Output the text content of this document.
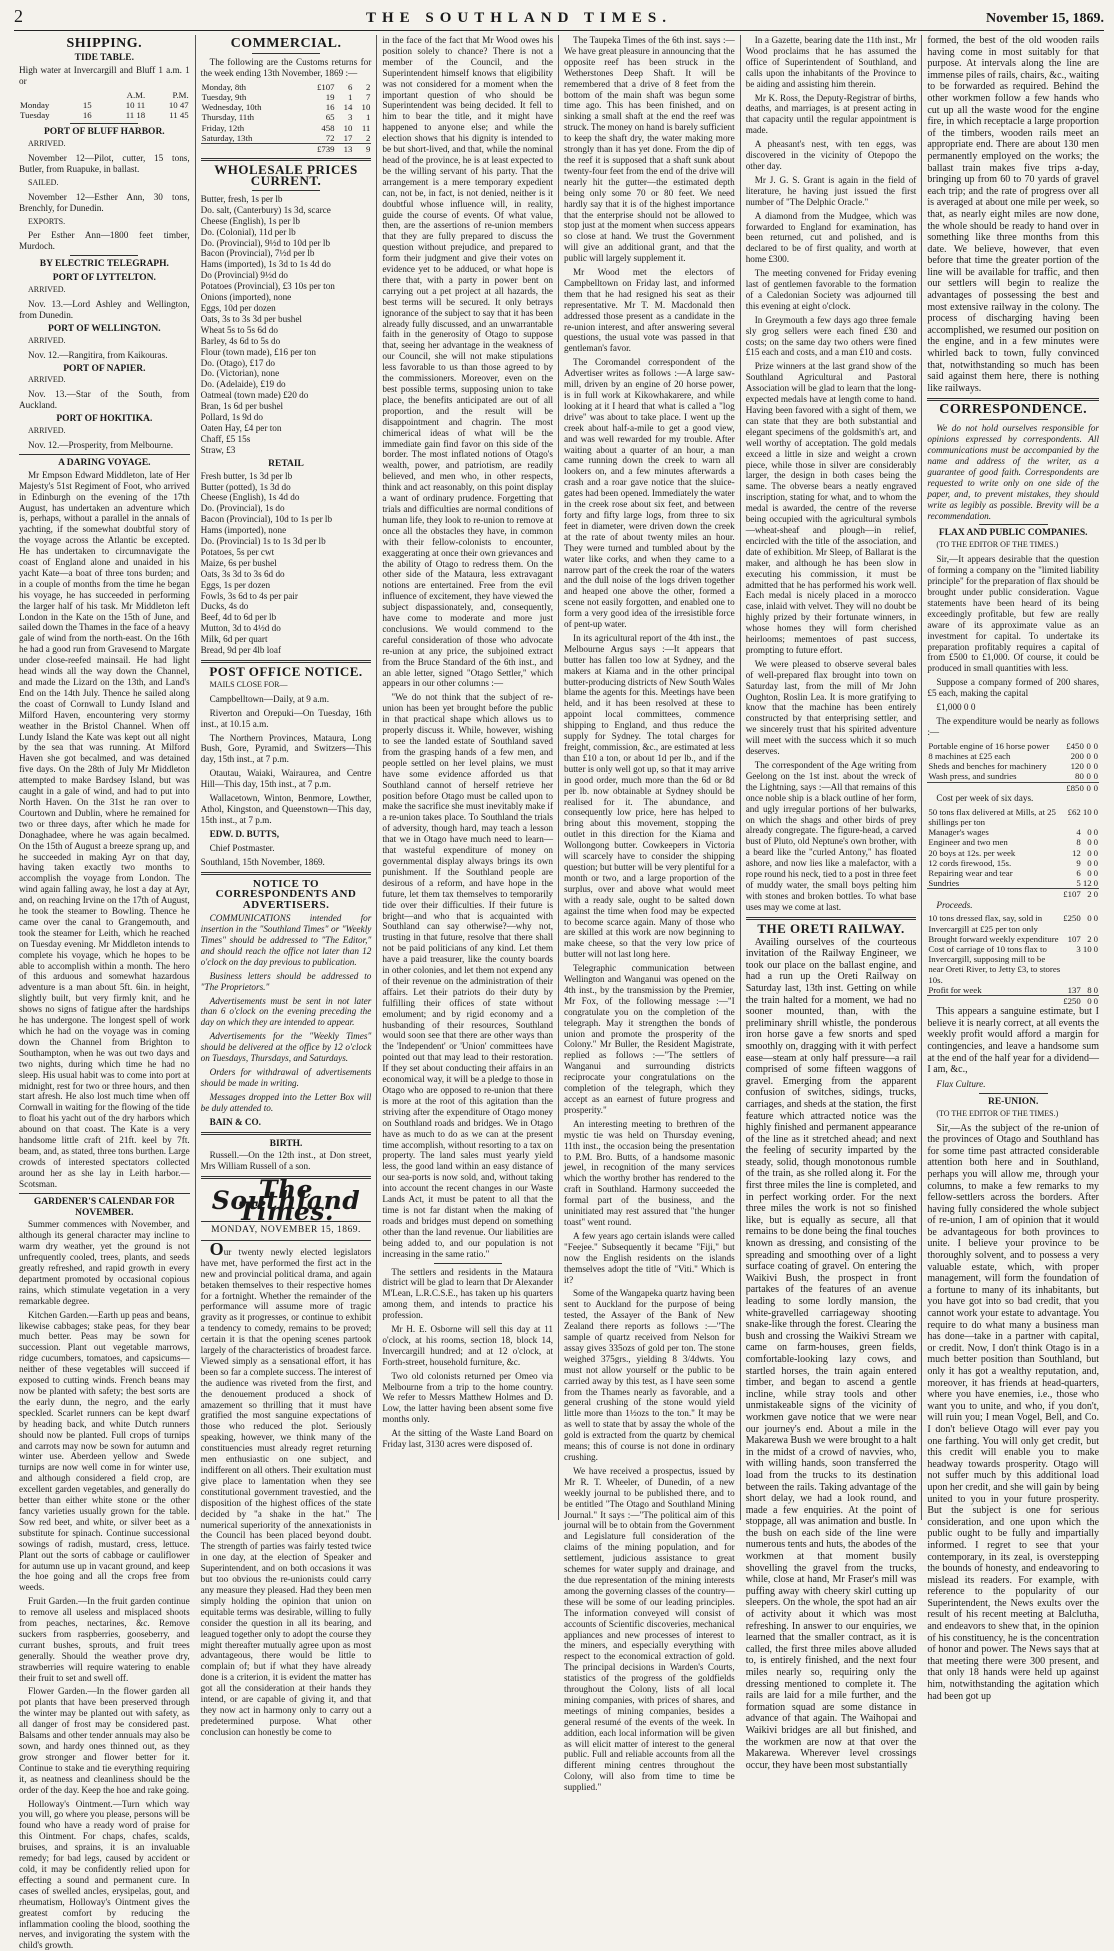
2	THE SOUTHLAND TIMES.	November 15, 1869.
SHIPPING.
TIDE TABLE.

High water at Invercargill and Bluff 1 a.m. 1 or

		A.M.	P.M.
Monday	15	10 11	10 47
Tuesday	16	11 18	11 45
PORT OF BLUFF HARBOR.

ARRIVED.

November 12—Pilot, cutter, 15 tons, Butler, from Ruapuke, in ballast.

SAILED.

November 12—Esther Ann, 30 tons, Brenchly, for Dunedin.

EXPORTS.

Per Esther Ann—1800 feet timber, Murdoch.

BY ELECTRIC TELEGRAPH.
PORT OF LYTTELTON.

ARRIVED.

Nov. 13.—Lord Ashley and Wellington, from Dunedin.

PORT OF WELLINGTON.

ARRIVED.

Nov. 12.—Rangitira, from Kaikouras.

PORT OF NAPIER.

ARRIVED.

Nov. 13.—Star of the South, from Auckland.

PORT OF HOKITIKA.

ARRIVED.

Nov. 12.—Prosperity, from Melbourne.

A DARING VOYAGE.

Mr Empson Edward Middleton, late of Her Majesty's 51st Regiment of Foot, who arrived in Edinburgh on the evening of the 17th August, has undertaken an adventure which is, perhaps, without a parallel in the annals of yachting, if the somewhat doubtful story of the voyage across the Atlantic be excepted. He has undertaken to circumnavigate the coast of England alone and unaided in his yacht Kate—a boat of three tons burden; and in a couple of months from the time he began his voyage, he has succeeded in performing the larger half of his task. Mr Middleton left London in the Kate on the 15th of June, and sailed down the Thames in the face of a heavy gale of wind from the north-east. On the 16th he had a good run from Gravesend to Margate under close-reefed mainsail. He had light head winds all the way down the Channel, and made the Lizard on the 13th, and Land's End on the 14th July. Thence he sailed along the coast of Cornwall to Lundy Island and Milford Haven, encountering very stormy weather in the Bristol Channel. When off Lundy Island the Kate was kept out all night by the sea that was running. At Milford Haven she got becalmed, and was detained five days. On the 28th of July Mr Middleton attempted to make Bardsey Island, but was caught in a gale of wind, and had to put into North Haven. On the 31st he ran over to Courtown and Dublin, where he remained for two or three days, after which he made for Donaghadee, where he was again becalmed. On the 15th of August a breeze sprang up, and he succeeded in making Ayr on that day, having taken exactly two months to accomplish the voyage from London. The wind again falling away, he lost a day at Ayr, and, on reaching Irvine on the 17th of August, he took the steamer to Bowling. Thence he came over the canal to Grangemouth, and took the steamer for Leith, which he reached on Tuesday evening. Mr Middleton intends to complete his voyage, which he hopes to be able to accomplish within a month. The hero of this arduous and somewhat hazardous adventure is a man about 5ft. 6in. in height, slightly built, but very firmly knit, and he shows no signs of fatigue after the hardships he has undergone. The longest spell of work which he had on the voyage was in coming down the Channel from Brighton to Southampton, when he was out two days and two nights, during which time he had no sleep. His usual habit was to come into port at midnight, rest for two or three hours, and then start afresh. He also lost much time when off Cornwall in waiting for the flowing of the tide to float his yacht out of the dry harbors which abound on that coast. The Kate is a very handsome little craft of 21ft. keel by 7ft. beam, and, as stated, three tons burthen. Large crowds of interested spectators collected around her as she lay in Leith harbor.—Scotsman.

GARDENER'S CALENDAR FOR NOVEMBER.

Summer commences with November, and although its general character may incline to warm dry weather, yet the ground is not unfrequently cooled, trees, plants, and seeds greatly refreshed, and rapid growth in every department promoted by occasional copious rains, which stimulate vegetation in a very remarkable degree.

Kitchen Garden.—Earth up peas and beans, likewise cabbages; stake peas, for they bear much better. Peas may be sown for succession. Plant out vegetable marrows, ridge cucumbers, tomatoes, and capsicums—neither of these vegetables will succeed if exposed to cutting winds. French beans may now be planted with safety; the best sorts are the early dunn, the negro, and the early speckled. Scarlet runners can be kept dwarf by heading back, and white Dutch runners should now be planted. Full crops of turnips and carrots may now be sown for autumn and winter use. Aberdeen yellow and Swede turnips are now well come in for winter use, and although considered a field crop, are excellent garden vegetables, and generally do better than either white stone or the other fancy varieties usually grown for the table. Sow red beet, and white, or silver beet as a substitute for spinach. Continue successional sowings of radish, mustard, cress, lettuce. Plant out the sorts of cabbage or cauliflower for autumn use up in vacant ground, and keep the hoe going and all the crops free from weeds.

Fruit Garden.—In the fruit garden continue to remove all useless and misplaced shoots from peaches, nectarines, &c. Remove suckers from raspberries, gooseberry, and currant bushes, sprouts, and fruit trees generally. Should the weather prove dry, strawberries will require watering to enable their fruit to set and swell off.

Flower Garden.—In the flower garden all pot plants that have been preserved through the winter may be planted out with safety, as all danger of frost may be considered past. Balsams and other tender annuals may also be sown, and hardy ones thinned out, as they grow stronger and flower better for it. Continue to stake and tie everything requiring it, as neatness and cleanliness should be the order of the day. Keep the hoe and rake going.

Holloway's Ointment.—Turn which way you will, go where you please, persons will be found who have a ready word of praise for this Ointment. For chaps, chafes, scalds, bruises, and sprains, it is an invaluable remedy; for bad legs, caused by accident or cold, it may be confidently relied upon for effecting a sound and permanent cure. In cases of swelled ancles, erysipelas, gout, and rheumatism, Holloway's Ointment gives the greatest comfort by reducing the inflammation cooling the blood, soothing the nerves, and invigorating the system with the child's growth.

COMMERCIAL.

The following are the Customs returns for the week ending 13th November, 1869 :—

Monday, 8th	£107	6	2
Tuesday, 9th	19	1	7
Wednesday, 10th	16	14	10
Thursday, 11th	65	3	1
Friday, 12th	458	10	11
Saturday, 13th	72	17	2
	£739	13	9
WHOLESALE PRICES CURRENT.

Butter, fresh, 1s per lb

Do. salt, (Canterbury) 1s 3d, scarce

Cheese (English), 1s per lb

Do. (Colonial), 11d per lb

Do. (Provincial), 9½d to 10d per lb

Bacon (Provincial), 7½d per lb

Hams (imported), 1s 3d to 1s 4d do

Do (Provincial) 9½d do

Potatoes (Provincial), £3 10s per ton

Onions (imported), none

Eggs, 10d per dozen

Oats, 3s to 3s 3d per bushel

Wheat 5s to 5s 6d do

Barley, 4s 6d to 5s do

Flour (town made), £16 per ton

Do. (Otago), £17 do

Do. (Victorian), none

Do. (Adelaide), £19 do

Oatmeal (town made) £20 do

Bran, 1s 6d per bushel

Pollard, 1s 9d do

Oaten Hay, £4 per ton

Chaff, £5 15s

Straw, £3

RETAIL

Fresh butter, 1s 3d per lb

Butter (potted), 1s 3d do

Cheese (English), 1s 4d do

Do. (Provincial), 1s do

Bacon (Provincial), 10d to 1s per lb

Hams (imported), none

Do. (Provincial) 1s to 1s 3d per lb

Potatoes, 5s per cwt

Maize, 6s per bushel

Oats, 3s 3d to 3s 6d do

Eggs, 1s per dozen

Fowls, 3s 6d to 4s per pair

Ducks, 4s do

Beef, 4d to 6d per lb

Mutton, 3d to 4½d do

Milk, 6d per quart

Bread, 9d per 4lb loaf

POST OFFICE NOTICE.

MAILS CLOSE FOR—

Campbelltown—Daily, at 9 a.m.

Riverton and Orepuki—On Tuesday, 16th inst., at 10.15 a.m.

The Northern Provinces, Mataura, Long Bush, Gore, Pyramid, and Switzers—This day, 15th inst., at 7 p.m.

Otautau, Waiaki, Wairaurea, and Centre Hill—This day, 15th inst., at 7 p.m.

Wallacetown, Winton, Benmore, Lowther, Athol, Kingston, and Queenstown—This day, 15th inst., at 7 p.m.

EDW. D. BUTTS,

Chief Postmaster.

Southland, 15th November, 1869.

NOTICE TO CORRESPONDENTS AND ADVERTISERS.

COMMUNICATIONS intended for insertion in the "Southland Times" or "Weekly Times" should be addressed to "The Editor," and should reach the office not later than 12 o'clock on the day previous to publication.

Business letters should be addressed to "The Proprietors."

Advertisements must be sent in not later than 6 o'clock on the evening preceding the day on which they are intended to appear.

Advertisements for the "Weekly Times" should be delivered at the office by 12 o'clock on Tuesdays, Thursdays, and Saturdays.

Orders for withdrawal of advertisements should be made in writing.

Messages dropped into the Letter Box will be duly attended to.

BAIN & CO.

BIRTH.

Russell.—On the 12th inst., at Don street, Mrs William Russell of a son.

The Southland Times.
MONDAY, NOVEMBER 15, 1869.

Our twenty newly elected legislators have met, have performed the first act in the new and provincial political drama, and again betaken themselves to their respective homes for a fortnight. Whether the remainder of the performance will assume more of tragic gravity as it progresses, or continue to exhibit a tendency to comedy, remains to be proved; certain it is that the opening scenes partook largely of the characteristics of broadest farce. Viewed simply as a sensational effort, it has been so far a complete success. The interest of the audience was riveted from the first, and the denouement produced a shock of amazement so thrilling that it must have gratified the most sanguine expectations of those who reduced the plot. Seriously speaking, however, we think many of the constituencies must already regret returning men enthusiastic on one subject, and indifferent on all others. Their exultation must give place to lamentation when they see constitutional government travestied, and the disposition of the highest offices of the state decided by "a shake in the hat." The numerical superiority of the annexationists in the Council has been placed beyond doubt. The strength of parties was fairly tested twice in one day, at the election of Speaker and Superintendent, and on both occasions it was but too obvious the re-unionists could carry any measure they pleased. Had they been men simply holding the opinion that union on equitable terms was desirable, willing to fully consider the question in all its bearing, and leagued together only to adopt the course they might thereafter mutually agree upon as most advantageous, there would be little to complain of; but if what they have already done is a criterion, it is evident the matter has got all the consideration at their hands they intend, or are capable of giving it, and that they now act in harmony only to carry out a predetermined purpose. What other conclusion can honestly be come to

in the face of the fact that Mr Wood owes his position solely to chance? There is not a member of the Council, and the Superintendent himself knows that eligibility was not considered for a moment when the important question of who should be Superintendent was being decided. It fell to him to bear the title, and it might have happened to anyone else; and while the election shows that his dignity is intended to be but short-lived, and that, while the nominal head of the province, he is at least expected to be the willing servant of his party. That the arrangement is a mere temporary expedient can, not be, in fact, is not denied, neither is it doubtful whose influence will, in reality, guide the course of events. Of what value, then, are the assertions of re-union members that they are fully prepared to discuss the question without prejudice, and prepared to form their judgment and give their votes on evidence yet to be adduced, or what hope is there that, with a party in power bent on carrying out a pet project at all hazards, the best terms will be secured. It only betrays ignorance of the subject to say that it has been already fully discussed, and an unwarrantable faith in the generosity of Otago to suppose that, seeing her advantage in the weakness of our Council, she will not make stipulations less favorable to us than those agreed to by the commissioners. Moreover, even on the best possible terms, supposing union to take place, the benefits anticipated are out of all proportion, and the result will be disappointment and chagrin. The most chimerical ideas of what will be the immediate gain find favor on this side of the border. The most inflated notions of Otago's wealth, power, and patriotism, are readily believed, and men who, in other respects, think and act reasonably, on this point display a want of ordinary prudence. Forgetting that trials and difficulties are normal conditions of human life, they look to re-union to remove at once all the obstacles they have, in common with their fellow-colonists to encounter, exaggerating at once their own grievances and the ability of Otago to redress them. On the other side of the Mataura, less extravagant notions are entertained. Free from the evil influence of excitement, they have viewed the subject dispassionately, and, consequently, have come to moderate and more just conclusions. We would commend to the careful consideration of those who advocate re-union at any price, the subjoined extract from the Bruce Standard of the 6th inst., and an able letter, signed "Otago Settler," which appears in our other columns :—

"We do not think that the subject of re-union has been yet brought before the public in that practical shape which allows us to properly discuss it. While, however, wishing to see the landed estate of Southland saved from the grasping hands of a few men, and people settled on her level plains, we must have some evidence afforded us that Southland cannot of herself retrieve her position before Otago must be called upon to make the sacrifice she must inevitably make if a re-union takes place. To Southland the trials of adversity, though hard, may teach a lesson that we in Otago have much need to learn—that wasteful expenditure of money on governmental display always brings its own punishment. If the Southland people are desirous of a reform, and have hope in the future, let them tax themselves to temporarily tide over their difficulties. If their future is bright—and who that is acquainted with Southland can say otherwise?—why not, trusting in that future, resolve that there shall not be paid politicians of any kind. Let them have a paid treasurer, like the county boards in other colonies, and let them not expend any of their revenue on the administration of their affairs. Let their patriots do their duty by fulfilling their offices of state without emolument; and by rigid economy and a husbanding of their resources, Southland would soon see that there are other ways than the 'Independent' or 'Union' committees have pointed out that may lead to their restoration. If they set about conducting their affairs in an economical way, it will be a pledge to those in Otago who are opposed to re-union that there is more at the root of this agitation than the striving after the expenditure of Otago money on Southland roads and bridges. We in Otago have as much to do as we can at the present time accomplish, without resorting to a tax on property. The land sales must yearly yield less, the good land within an easy distance of our sea-ports is now sold, and, without taking into account the recent changes in our Waste Lands Act, it must be patent to all that the time is not far distant when the making of roads and bridges must depend on something other than the land revenue. Our liabilities are being added to, and our population is not increasing in the same ratio."

The settlers and residents in the Mataura district will be glad to learn that Dr Alexander M'Lean, L.R.C.S.E., has taken up his quarters among them, and intends to practice his profession.

Mr H. E. Osborne will sell this day at 11 o'clock, at his rooms, section 18, block 14, Invercargill hundred; and at 12 o'clock, at Forth-street, household furniture, &c.

Two old colonists returned per Omeo via Melbourne from a trip to the home country. We refer to Messrs Matthew Holmes and D. Low, the latter having been absent some five months only.

At the sitting of the Waste Land Board on Friday last, 3130 acres were disposed of.

The Taupeka Times of the 6th inst. says :—We have great pleasure in announcing that the opposite reef has been struck in the Wetherstones Deep Shaft. It will be remembered that a drive of 8 feet from the bottom of the main shaft was begun some time ago. This has been finished, and on sinking a small shaft at the end the reef was struck. The money on hand is barely sufficient to keep the shaft dry, the water making more strongly than it has yet done. From the dip of the reef it is supposed that a shaft sunk about twenty-four feet from the end of the drive will nearly hit the gutter—the estimated depth being only some 70 or 80 feet. We need hardly say that it is of the highest importance that the enterprise should not be allowed to stop just at the moment when success appears so close at hand. We trust the Government will give an additional grant, and that the public will largely supplement it.

Mr Wood met the electors of Campbelltown on Friday last, and informed them that he had resigned his seat as their representative. Mr T. M. Macdonald then addressed those present as a candidate in the re-union interest, and after answering several questions, the usual vote was passed in that gentleman's favor.

The Coromandel correspondent of the Advertiser writes as follows :—A large saw-mill, driven by an engine of 20 horse power, is in full work at Kikowhakarere, and while looking at it I heard that what is called a "log drive" was about to take place. I went up the creek about half-a-mile to get a good view, and was well rewarded for my trouble. After waiting about a quarter of an hour, a man came running down the creek to warn all lookers on, and a few minutes afterwards a crash and a roar gave notice that the sluice-gates had been opened. Immediately the water in the creek rose about six feet, and between forty and fifty large logs, from three to six feet in diameter, were driven down the creek at the rate of about twenty miles an hour. They were turned and tumbled about by the water like corks, and when they came to a narrow part of the creek the roar of the waters and the dull noise of the logs driven together and heaped one above the other, formed a scene not easily forgotten, and enabled one to form a very good idea of the irresistible force of pent-up water.

In its agricultural report of the 4th inst., the Melbourne Argus says :—It appears that butter has fallen too low at Sydney, and the makers at Kiama and in the other principal butter-producing districts of New South Wales blame the agents for this. Meetings have been held, and it has been resolved at these to appoint local committees, commence shipping to England, and thus reduce the supply for Sydney. The total charges for freight, commission, &c., are estimated at less than £10 a ton, or about 1d per lb., and if the butter is only well got up, so that it may arrive in good order, much more than the 6d or 8d per lb. now obtainable at Sydney should be realised for it. The abundance, and consequently low price, here has helped to bring about this movement, stopping the outlet in this direction for the Kiama and Wollongong butter. Cowkeepers in Victoria will scarcely have to consider the shipping question; but butter will be very plentiful for a month or two, and a large proportion of the surplus, over and above what would meet with a ready sale, ought to be salted down against the time when food may be expected to become scarce again. Many of those who are skilled at this work are now beginning to make cheese, so that the very low price of butter will not last long here.

Telegraphic communication between Wellington and Wanganui was opened on the 4th inst., by the transmission by the Premier, Mr Fox, of the following message :—"I congratulate you on the completion of the telegraph. May it strengthen the bonds of union and promote the prosperity of the Colony." Mr Buller, the Resident Magistrate, replied as follows :—"The settlers of Wanganui and surrounding districts reciprocate your congratulations on the completion of the telegraph, which they accept as an earnest of future progress and prosperity."

An interesting meeting to brethren of the mystic tie was held on Thursday evening, 11th inst., the occasion being the presentation to P.M. Bro. Butts, of a handsome masonic jewel, in recognition of the many services which the worthy brother has rendered to the craft in Southland. Harmony succeeded the formal part of the business, and the uninitiated may rest assured that "the hunger toast" went round.

A few years ago certain islands were called "Feejee." Subsequently it became "Fiji," but now the English residents on the islands themselves adopt the title of "Viti." Which is it?

Some of the Wangapeka quartz having been sent to Auckland for the purpose of being tested, the Assayer of the Bank of New Zealand there reports as follows :—"The sample of quartz received from Nelson for assay gives 335ozs of gold per ton. The stone weighed 375grs., yielding 8 3/4dwts. You must not allow yourself or the public to be carried away by this test, as I have seen some from the Thames nearly as favorable, and a general crushing of the stone would yield little more than 1½ozs to the ton." It may be as well to state that by assay the whole of the gold is extracted from the quartz by chemical means; this of course is not done in ordinary crushing.

We have received a prospectus, issued by Mr R. T. Wheeler, of Dunedin, of a new weekly journal to be published there, and to be entitled "The Otago and Southland Mining Journal." It says :—"The political aim of this journal will be to obtain from the Government and Legislature full consideration of the claims of the mining population, and for settlement, judicious assistance to great schemes for water supply and drainage, and the due representation of the mining interests among the governing classes of the country—these will be some of our leading principles. The information conveyed will consist of accounts of Scientific discoveries, mechanical appliances and new processes of interest to the miners, and especially everything with respect to the economical extraction of gold. The principal decisions in Warden's Courts, statistics of the progress of the goldfields throughout the Colony, lists of all local mining companies, with prices of shares, and meetings of mining companies, besides a general resumé of the events of the week. In addition, each local information will be given as will elicit matter of interest to the general public. Full and reliable accounts from all the different mining centres throughout the Colony, will also from time to time be supplied."

In a Gazette, bearing date the 11th inst., Mr Wood proclaims that he has assumed the office of Superintendent of Southland, and calls upon the inhabitants of the Province to be aiding and assisting him therein.

Mr K. Ross, the Deputy-Registrar of births, deaths, and marriages, is at present acting in that capacity until the regular appointment is made.

A pheasant's nest, with ten eggs, was discovered in the vicinity of Otepopo the other day.

Mr J. G. S. Grant is again in the field of literature, he having just issued the first number of "The Delphic Oracle."

A diamond from the Mudgee, which was forwarded to England for examination, has been returned, cut and polished, and is declared to be of first quality, and worth at home £300.

The meeting convened for Friday evening last of gentlemen favorable to the formation of a Caledonian Society was adjourned till this evening at eight o'clock.

In Greymouth a few days ago three female sly grog sellers were each fined £30 and costs; on the same day two others were fined £15 each and costs, and a man £10 and costs.

Prize winners at the last grand show of the Southland Agricultural and Pastoral Association will be glad to learn that the long-expected medals have at length come to hand. Having been favored with a sight of them, we can state that they are both substantial and elegant specimens of the goldsmith's art, and well worthy of acceptation. The gold medals exceed a little in size and weight a crown piece, while those in silver are considerably larger, the design in both cases being the same. The obverse bears a neatly engraved inscription, stating for what, and to whom the medal is awarded, the centre of the reverse being occupied with the agricultural symbols—wheat-sheaf and plough—in relief, encircled with the title of the association, and date of exhibition. Mr Sleep, of Ballarat is the maker, and although he has been slow in executing his commission, it must be admitted that he has performed his work well. Each medal is nicely placed in a morocco case, inlaid with velvet. They will no doubt be highly prized by their fortunate winners, in whose homes they will form cherished heirlooms; mementoes of past success, prompting to future effort.

We were pleased to observe several bales of well-prepared flax brought into town on Saturday last, from the mill of Mr John Oughton, Roslin Lea. It is more gratifying to know that the machine has been entirely constructed by that enterprising settler, and we sincerely trust that his spirited adventure will meet with the success which it so much deserves.

The correspondent of the Age writing from Geelong on the 1st inst. about the wreck of the Lightning, says :—All that remains of this once noble ship is a black outline of her form, and ugly irregular portions of her bulwarks, on which the shags and other birds of prey already congregate. The figure-head, a carved bust of Pluto, old Neptune's own brother, with a beard like the "curled Antony," has floated ashore, and now lies like a malefactor, with a rope round his neck, tied to a post in three feet of muddy water, the small boys pelting him with stones and broken bottles. To what base uses may we come at last.

THE ORETI RAILWAY.

Availing ourselves of the courteous invitation of the Railway Engineer, we took our place on the ballast engine, and had a run up the Oreti Railway on Saturday last, 13th inst. Getting on while the train halted for a moment, we had no sooner mounted, than, with the preliminary shrill whistle, the ponderous iron horse gave a few snorts and sped smoothly on, dragging with it with perfect ease—steam at only half pressure—a rail comprised of some fifteen waggons of gravel. Emerging from the apparent confusion of switches, sidings, trucks, carriages, and sheds at the station, the first feature which attracted notice was the highly finished and permanent appearance of the line as it stretched ahead; and next the feeling of security imparted by the steady, solid, though monotonous rumble of the train, as she rolled along it. For the first three miles the line is completed, and in perfect working order. For the next three miles the work is not so finished like, but is equally as secure, all that remains to be done being the final touches known as dressing, and consisting of the spreading and smoothing over of a light surface coating of gravel. On entering the Waikivi Bush, the prospect in front partakes of the features of an avenue leading to some lordly mansion, the white-gravelled carriageway shooting snake-like through the forest. Clearing the bush and crossing the Waikivi Stream we came on farm-houses, green fields, comfortable-looking lazy cows, and startled horses, the train again entered timber, and began to ascend a gentle incline, while stray tools and other unmistakeable signs of the vicinity of workmen gave notice that we were near our journey's end. About a mile in the Makarewa Bush we were brought to a halt in the midst of a crowd of navvies, who, with willing hands, soon transferred the load from the trucks to its destination between the rails. Taking advantage of the short delay, we had a look round, and made a few enquiries. At the point of stoppage, all was animation and bustle. In the bush on each side of the line were numerous tents and huts, the abodes of the workmen at that moment busily shovelling the gravel from the trucks, while, close at hand, Mr Fraser's mill was puffing away with cheery skirl cutting up sleepers. On the whole, the spot had an air of activity about it which was most refreshing. In answer to our enquiries, we learned that the smaller contract, as it is called, the first three miles above alluded to, is entirely finished, and the next four miles nearly so, requiring only the dressing mentioned to complete it. The rails are laid for a mile further, and the formation squad are some distance in advance of that again. The Waihopai and Waikivi bridges are all but finished, and the workmen are now at that over the Makarewa. Wherever level crossings occur, they have been most substantially

formed, the best of the old wooden rails having come in most suitably for that purpose. At intervals along the line are immense piles of rails, chairs, &c., waiting to be forwarded as required. Behind the other workmen follow a few hands who cut up all the waste wood for the engine fire, in which receptacle a large proportion of the timbers, wooden rails meet an appropriate end. There are about 130 men permanently employed on the works; the ballast train makes five trips a-day, bringing up from 60 to 70 yards of gravel each trip; and the rate of progress over all is averaged at about one mile per week, so that, as nearly eight miles are now done, the whole should be ready to hand over in something like three months from this date. We believe, however, that even before that time the greater portion of the line will be available for traffic, and then our settlers will begin to realize the advantages of possessing the best and most extensive railway in the colony. The process of discharging having been accomplished, we resumed our position on the engine, and in a few minutes were whirled back to town, fully convinced that, notwithstanding so much has been said against them here, there is nothing like railways.

CORRESPONDENCE.

We do not hold ourselves responsible for opinions expressed by correspondents. All communications must be accompanied by the name and address of the writer, as a guarantee of good faith. Correspondents are requested to write only on one side of the paper, and, to prevent mistakes, they should write as legibly as possible. Brevity will be a recommendation.

FLAX AND PUBLIC COMPANIES.

(TO THE EDITOR OF THE TIMES.)

Sir,—It appears desirable that the question of forming a company on the "limited liability principle" for the preparation of flax should be brought under public consideration. Vague statements have been heard of its being exceedingly profitable, but few are really aware of its approximate value as an investment for capital. To undertake its preparation profitably requires a capital of from £500 to £1,000. Of course, it could be produced in small quantities with less.

Suppose a company formed of 200 shares, £5 each, making the capital

£1,000 0 0

The expenditure would be nearly as follows :—

Portable engine of 16 horse power	£450	0	0
8 machines at £25 each	200	0	0
Sheds and benches for machinery	120	0	0
Wash press, and sundries	80	0	0
	£850	0	0

Cost per week of six days.

50 tons flax delivered at Mills, at 25 shillings per ton	£62	10	0
Manager's wages	4	0	0
Engineer and two men	8	0	0
20 boys at 12s. per week	12	0	0
12 cords firewood, 15s.	9	0	0
Repairing wear and tear	6	0	0
Sundries	5	12	0
	£107	2	0

Proceeds.

10 tons dressed flax, say, sold in Invercargill at £25 per ton only	£250	0	0
Brought forward weekly expenditure	107	2	0
Cost of carriage of 10 tons flax to Invercargill, supposing mill to be near Oreti River, to Jetty £3, to stores 10s.	3	10	0
Profit for week	137	8	0
	£250	0	0

This appears a sanguine estimate, but I believe it is nearly correct, at all events the weekly profit would afford a margin for contingencies, and leave a handsome sum at the end of the half year for a dividend—I am, &c.,

Flax Culture.

RE-UNION.

(TO THE EDITOR OF THE TIMES.)

Sir,—As the subject of the re-union of the provinces of Otago and Southland has for some time past attracted considerable attention both here and in Southland, perhaps you will allow me, through your columns, to make a few remarks to my fellow-settlers across the borders. After having fully considered the whole subject of re-union, I am of opinion that it would be advantageous for both provinces to unite. I believe your province to be thoroughly solvent, and to possess a very valuable estate, which, with proper management, will form the foundation of a fortune to many of its inhabitants, but you have got into so bad credit, that you cannot work your estate to advantage. You require to do what many a business man has done—take in a partner with capital, or credit. Now, I don't think Otago is in a much better position than Southland, but only it has got a wealthy reputation, and, moreover, it has friends at head-quarters, where you have enemies, i.e., those who want you to unite, and who, if you don't, will ruin you; I mean Vogel, Bell, and Co. I don't believe Otago will ever pay you one farthing. You will only get credit, but this credit will enable you to make headway towards prosperity. Otago will not suffer much by this additional load upon her credit, and she will gain by being united to you in your future prosperity. But the subject is one for serious consideration, and one upon which the public ought to be fully and impartially informed. I regret to see that your contemporary, in its zeal, is overstepping the bounds of honesty, and endeavoring to mislead its readers. For example, with reference to the popularity of our Superintendent, the News exults over the result of his recent meeting at Balclutha, and endeavors to shew that, in the opinion of his constituency, he is the concentration of honor and power. The News says that at that meeting there were 300 present, and that only 18 hands were held up against him, notwithstanding the agitation which had been got up
